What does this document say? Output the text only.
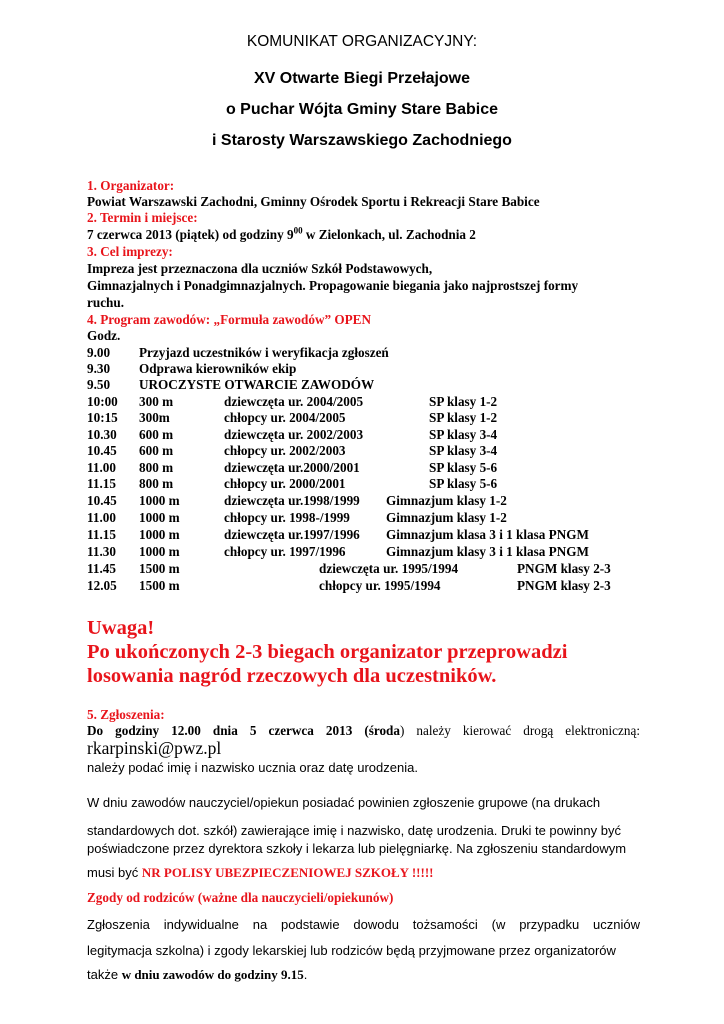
KOMUNIKAT ORGANIZACYJNY:
XV Otwarte Biegi Przełajowe
o Puchar Wójta Gminy Stare Babice
i Starosty Warszawskiego Zachodniego
1. Organizator:
Powiat Warszawski Zachodni, Gminny Ośrodek Sportu i Rekreacji Stare Babice
2. Termin i miejsce:
7 czerwca 2013 (piątek) od godziny $9^{00}$ w Zielonkach, ul. Zachodnia 2
3. Cel imprezy:
Impreza jest przeznaczona dla uczniów Szkół Podstawowych,
Gimnazjalnych i Ponadgimnazjalnych. Propagowanie biegania jako najprostszej formy
ruchu.
4. Program zawodów: „Formuła zawodów” OPEN
Godz.
9.00 Przyjazd uczestników i weryfikacja zgłoszeń
9.30 Odprawa kierowników ekip
9.50 UROCZYSTE OTWARCIE ZAWODÓW
10:00 300 m	dziewczęta ur. 2004/2005	SP klasy 1-2
10:15 300m	chłopcy ur. 2004/2005	SP klasy 1-2
10.30 600 m	dziewczęta ur. 2002/2003	SP klasy 3-4
10.45 600 m	chłopcy ur. 2002/2003	SP klasy 3-4
11.00 800 m	dziewczęta ur.2000/2001	SP klasy 5-6
11.15 800 m	chłopcy ur. 2000/2001	SP klasy 5-6
10.45 1000 m	dziewczęta ur.1998/1999 Gimnazjum klasy 1-2
11.00 1000 m	chłopcy ur. 1998-/1999	Gimnazjum klasy 1-2
11.15 1000 m	dziewczęta ur.1997/1996 Gimnazjum klasa 3 i 1 klasa PNGM
11.30 1000 m	chłopcy ur. 1997/1996	Gimnazjum klasy 3 i 1 klasa PNGM
11.45 1500 m	dziewczęta ur. 1995/1994	PNGM klasy 2-3
12.05 1500 m	chłopcy ur. 1995/1994	PNGM klasy 2-3
Uwaga!
Po ukończonych 2-3 biegach organizator przeprowadzi
losowania nagród rzeczowych dla uczestników.
5. Zgłoszenia:
Do godziny 12.00 dnia 5 czerwca 2013 (środa) należy kierować drogą elektroniczną:
rkarpinski@pwz.pl
należy podać imię i nazwisko ucznia oraz datę urodzenia.
W dniu zawodów nauczyciel/opiekun posiadać powinien zgłoszenie grupowe (na drukach
standardowych dot. szkół) zawierające imię i nazwisko, datę urodzenia. Druki te powinny być
poświadczone przez dyrektora szkoły i lekarza lub pielęgniarkę. Na zgłoszeniu standardowym
musi być NR POLISY UBEZPIECZENIOWEJ SZKOŁY !!!!!
Zgody od rodziców (ważne dla nauczycieli/opiekunów)
Zgłoszenia indywidualne na podstawie dowodu tożsamości (w przypadku uczniów
legitymacja szkolna) i zgody lekarskiej lub rodziców będą przyjmowane przez organizatorów
także w dniu zawodów do godziny 9.15.
